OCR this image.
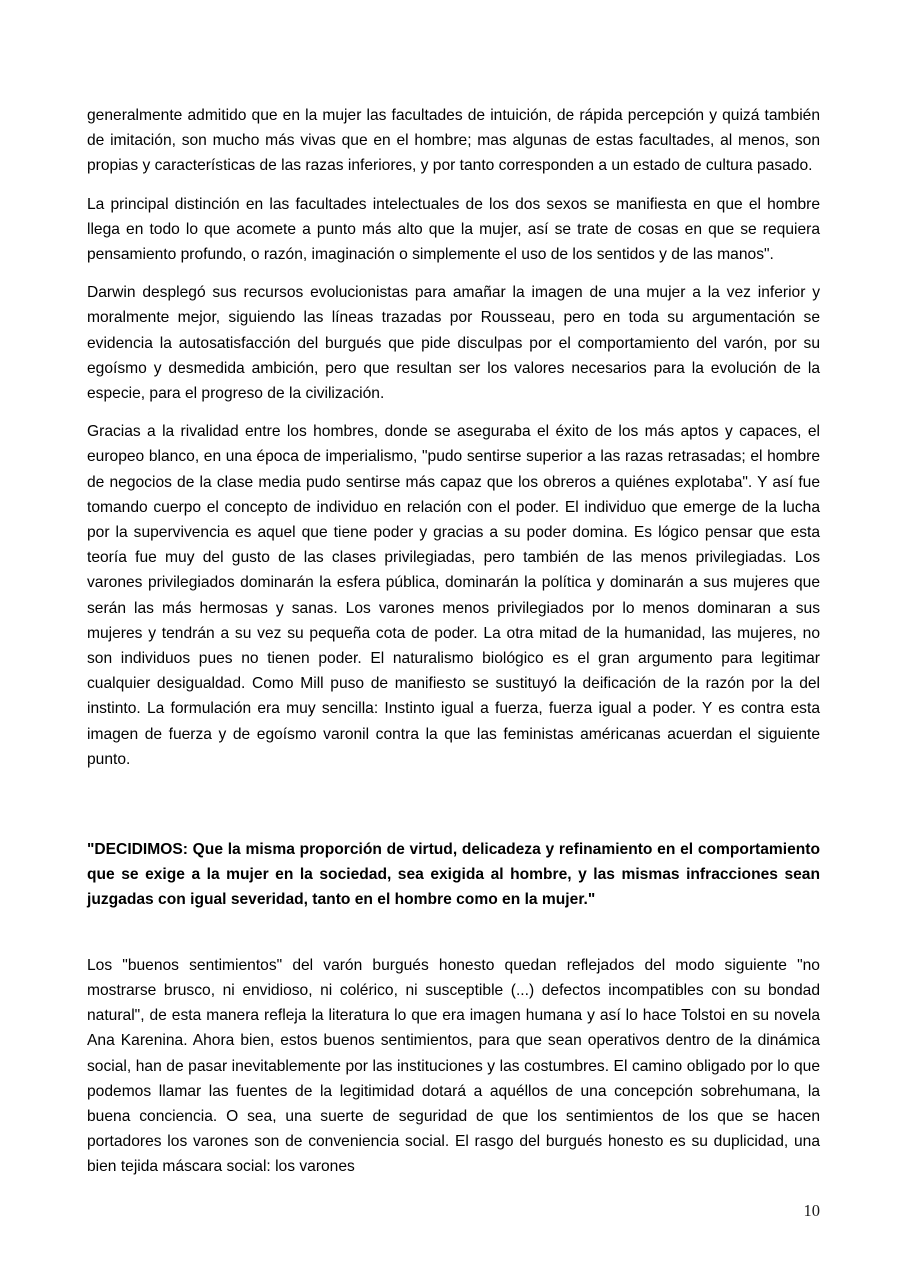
generalmente admitido que en la mujer las facultades de intuición, de rápida percepción y quizá también de imitación, son mucho más vivas que en el hombre; mas algunas de estas facultades, al menos, son propias y características de las razas inferiores, y por tanto corresponden a un estado de cultura pasado.

La principal distinción en las facultades intelectuales de los dos sexos se manifiesta en que el hombre llega en todo lo que acomete a punto más alto que la mujer, así se trate de cosas en que se requiera pensamiento profundo, o razón, imaginación o simplemente el uso de los sentidos y de las manos".

Darwin desplegó sus recursos evolucionistas para amañar la imagen de una mujer a la vez inferior y moralmente mejor, siguiendo las líneas trazadas por Rousseau, pero en toda su argumentación se evidencia la autosatisfacción del burgués que pide disculpas por el comportamiento del varón, por su egoísmo y desmedida ambición, pero que resultan ser los valores necesarios para la evolución de la especie, para el progreso de la civilización.

Gracias a la rivalidad entre los hombres, donde se aseguraba el éxito de los más aptos y capaces, el europeo blanco, en una época de imperialismo, "pudo sentirse superior a las razas retrasadas; el hombre de negocios de la clase media pudo sentirse más capaz que los obreros a quiénes explotaba". Y así fue tomando cuerpo el concepto de individuo en relación con el poder. El individuo que emerge de la lucha por la supervivencia es aquel que tiene poder y gracias a su poder domina. Es lógico pensar que esta teoría fue muy del gusto de las clases privilegiadas, pero también de las menos privilegiadas. Los varones privilegiados dominarán la esfera pública, dominarán la política y dominarán a sus mujeres que serán las más hermosas y sanas. Los varones menos privilegiados por lo menos dominaran a sus mujeres y tendrán a su vez su pequeña cota de poder. La otra mitad de la humanidad, las mujeres, no son individuos pues no tienen poder. El naturalismo biológico es el gran argumento para legitimar cualquier desigualdad. Como Mill puso de manifiesto se sustituyó la deificación de la razón por la del instinto. La formulación era muy sencilla: Instinto igual a fuerza, fuerza igual a poder. Y es contra esta imagen de fuerza y de egoísmo varonil contra la que las feministas américanas acuerdan el siguiente punto.

"DECIDIMOS: Que la misma proporción de virtud, delicadeza y refinamiento en el comportamiento que se exige a la mujer en la sociedad, sea exigida al hombre, y las mismas infracciones sean juzgadas con igual severidad, tanto en el hombre como en la mujer."

Los "buenos sentimientos" del varón burgués honesto quedan reflejados del modo siguiente "no mostrarse brusco, ni envidioso, ni colérico, ni susceptible (...) defectos incompatibles con su bondad natural", de esta manera refleja la literatura lo que era imagen humana y así lo hace Tolstoi en su novela Ana Karenina. Ahora bien, estos buenos sentimientos, para que sean operativos dentro de la dinámica social, han de pasar inevitablemente por las instituciones y las costumbres. El camino obligado por lo que podemos llamar las fuentes de la legitimidad dotará a aquéllos de una concepción sobrehumana, la buena conciencia. O sea, una suerte de seguridad de que los sentimientos de los que se hacen portadores los varones son de conveniencia social. El rasgo del burgués honesto es su duplicidad, una bien tejida máscara social: los varones

10
